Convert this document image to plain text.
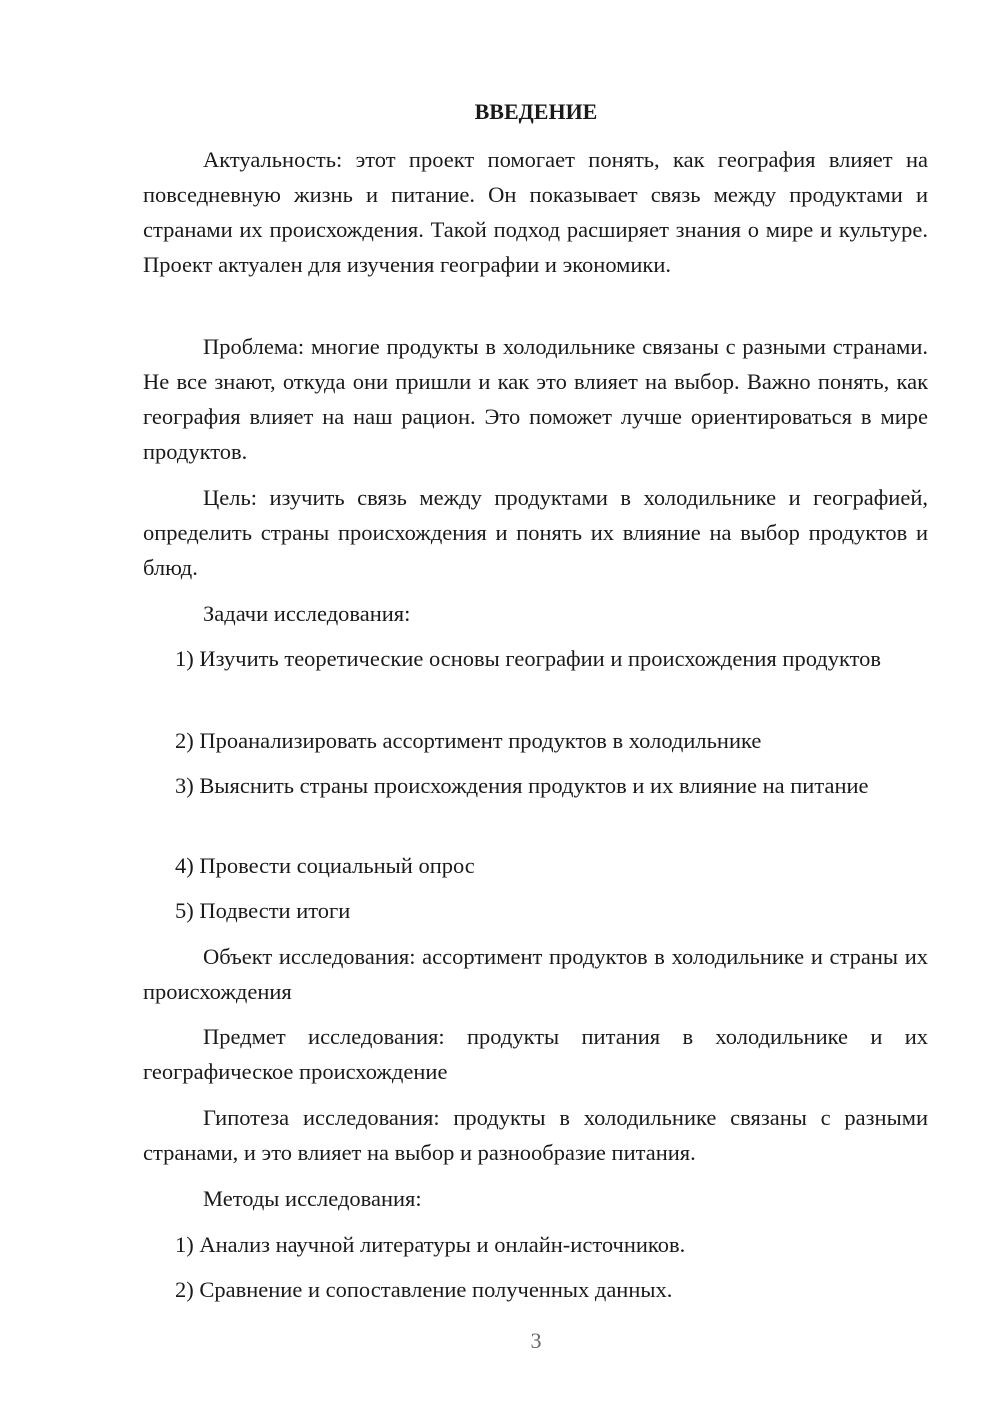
ВВЕДЕНИЕ

Актуальность: этот проект помогает понять, как география влияет на повседневную жизнь и питание. Он показывает связь между продуктами и странами их происхождения. Такой подход расширяет знания о мире и культуре. Проект актуален для изучения географии и экономики.

Проблема: многие продукты в холодильнике связаны с разными странами. Не все знают, откуда они пришли и как это влияет на выбор. Важно понять, как география влияет на наш рацион. Это поможет лучше ориентироваться в мире продуктов.

Цель: изучить связь между продуктами в холодильнике и географией, определить страны происхождения и понять их влияние на выбор продуктов и блюд.

Задачи исследования:

1) Изучить теоретические основы географии и происхождения продуктов

2) Проанализировать ассортимент продуктов в холодильнике

3) Выяснить страны происхождения продуктов и их влияние на питание

4) Провести социальный опрос

5) Подвести итоги

Объект исследования: ассортимент продуктов в холодильнике и страны их происхождения

Предмет исследования: продукты питания в холодильнике и их географическое происхождение

Гипотеза исследования: продукты в холодильнике связаны с разными странами, и это влияет на выбор и разнообразие питания.

Методы исследования:

1) Анализ научной литературы и онлайн-источников.

2) Сравнение и сопоставление полученных данных.

3
